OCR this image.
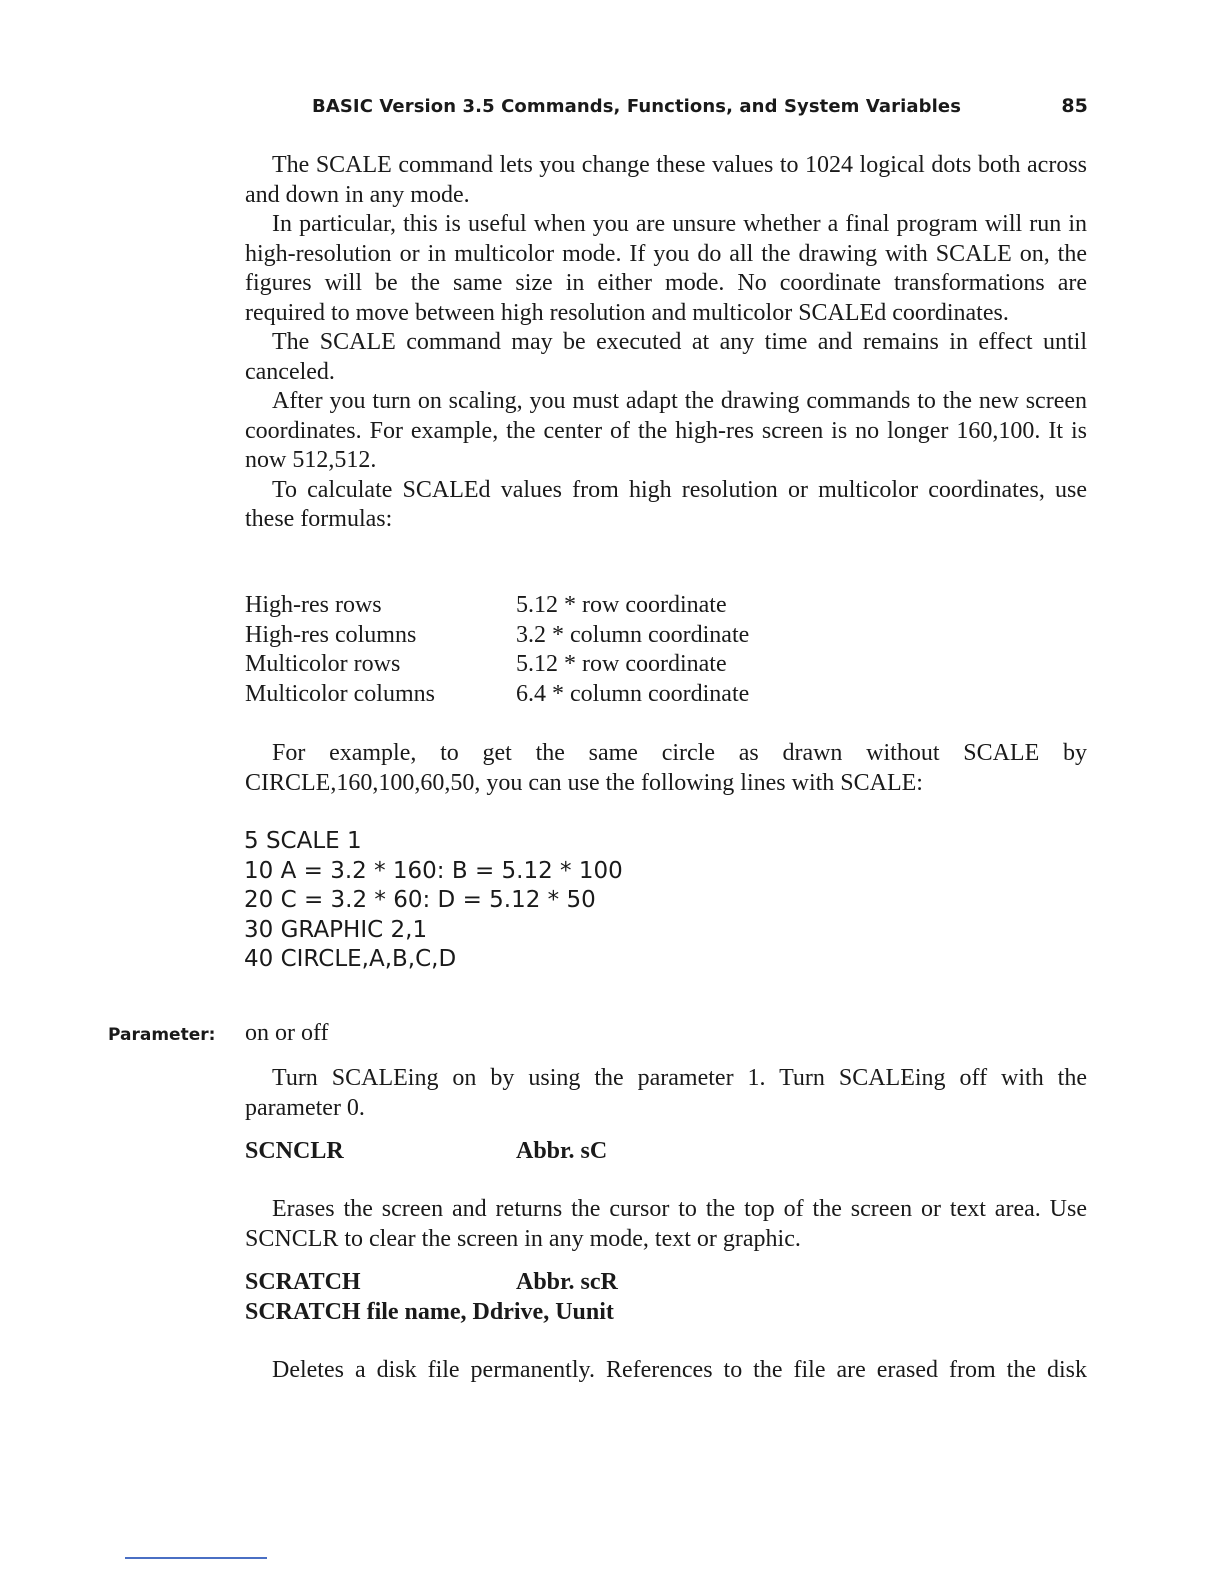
BASIC Version 3.5 Commands, Functions, and System Variables	85

The SCALE command lets you change these values to 1024 logical dots both across and down in any mode.

In particular, this is useful when you are unsure whether a final program will run in high-resolution or in multicolor mode. If you do all the drawing with SCALE on, the figures will be the same size in either mode. No coordinate transformations are required to move between high resolution and multicolor SCALEd coordinates.

The SCALE command may be executed at any time and remains in effect until canceled.

After you turn on scaling, you must adapt the drawing commands to the new screen coordinates. For example, the center of the high-res screen is no longer 160,100. It is now 512,512.

To calculate SCALEd values from high resolution or multicolor coordinates, use these formulas:

High-res rows	5.12 * row coordinate
High-res columns	3.2 * column coordinate
Multicolor rows	5.12 * row coordinate
Multicolor columns	6.4 * column coordinate

For example, to get the same circle as drawn without SCALE by CIRCLE,160,100,60,50, you can use the following lines with SCALE:

5 SCALE 1
10 A = 3.2 * 160: B = 5.12 * 100
20 C = 3.2 * 60: D = 5.12 * 50
30 GRAPHIC 2,1
40 CIRCLE,A,B,C,D
Parameter: on or off

Turn SCALEing on by using the parameter 1. Turn SCALEing off with the parameter 0.

SCNCLR	Abbr. sC

Erases the screen and returns the cursor to the top of the screen or text area. Use SCNCLR to clear the screen in any mode, text or graphic.

SCRATCH	Abbr. scR
SCRATCH file name, Ddrive, Uunit

Deletes a disk file permanently. References to the file are erased from the disk
